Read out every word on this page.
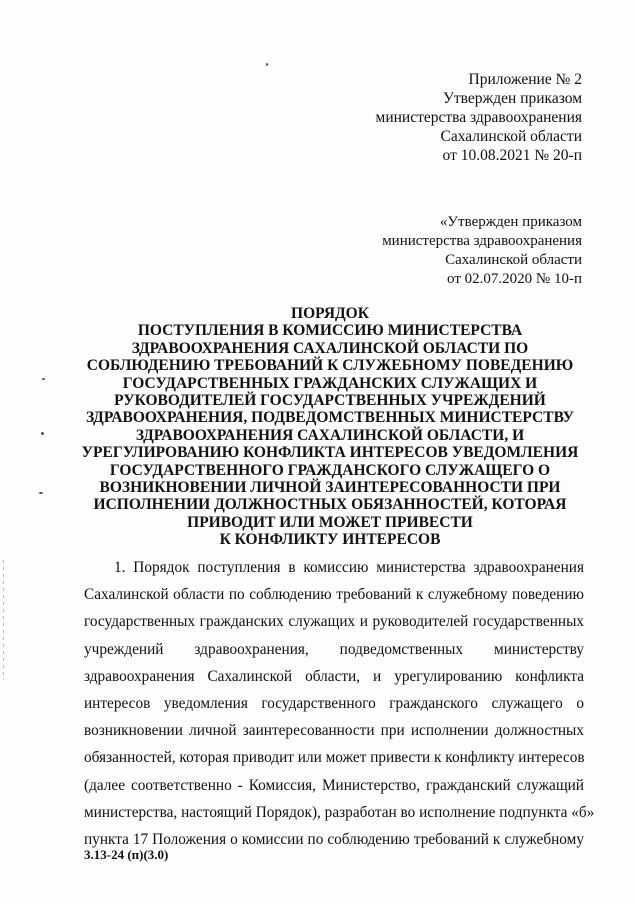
Приложение № 2
Утвержден приказом
министерства здравоохранения
Сахалинской области
от 10.08.2021 № 20-п
«Утвержден приказом
министерства здравоохранения
Сахалинской области
от 02.07.2020 № 10-п
ПОРЯДОК
ПОСТУПЛЕНИЯ В КОМИССИЮ МИНИСТЕРСТВА
ЗДРАВООХРАНЕНИЯ САХАЛИНСКОЙ ОБЛАСТИ ПО
СОБЛЮДЕНИЮ ТРЕБОВАНИЙ К СЛУЖЕБНОМУ ПОВЕДЕНИЮ
ГОСУДАРСТВЕННЫХ ГРАЖДАНСКИХ СЛУЖАЩИХ И
РУКОВОДИТЕЛЕЙ ГОСУДАРСТВЕННЫХ УЧРЕЖДЕНИЙ
ЗДРАВООХРАНЕНИЯ, ПОДВЕДОМСТВЕННЫХ МИНИСТЕРСТВУ
ЗДРАВООХРАНЕНИЯ САХАЛИНСКОЙ ОБЛАСТИ, И
УРЕГУЛИРОВАНИЮ КОНФЛИКТА ИНТЕРЕСОВ УВЕДОМЛЕНИЯ
ГОСУДАРСТВЕННОГО ГРАЖДАНСКОГО СЛУЖАЩЕГО О
ВОЗНИКНОВЕНИИ ЛИЧНОЙ ЗАИНТЕРЕСОВАННОСТИ ПРИ
ИСПОЛНЕНИИ ДОЛЖНОСТНЫХ ОБЯЗАННОСТЕЙ, КОТОРАЯ
ПРИВОДИТ ИЛИ МОЖЕТ ПРИВЕСТИ
К КОНФЛИКТУ ИНТЕРЕСОВ
1. Порядок поступления в комиссию министерства здравоохранения
Сахалинской области по соблюдению требований к служебному поведению
государственных гражданских служащих и руководителей государственных
учреждений здравоохранения, подведомственных министерству
здравоохранения Сахалинской области, и урегулированию конфликта
интересов уведомления государственного гражданского служащего о
возникновении личной заинтересованности при исполнении должностных
обязанностей, которая приводит или может привести к конфликту интересов
(далее соответственно - Комиссия, Министерство, гражданский служащий
министерства, настоящий Порядок), разработан во исполнение подпункта «б»
пункта 17 Положения о комиссии по соблюдению требований к служебному
3.13-24 (п)(3.0)
